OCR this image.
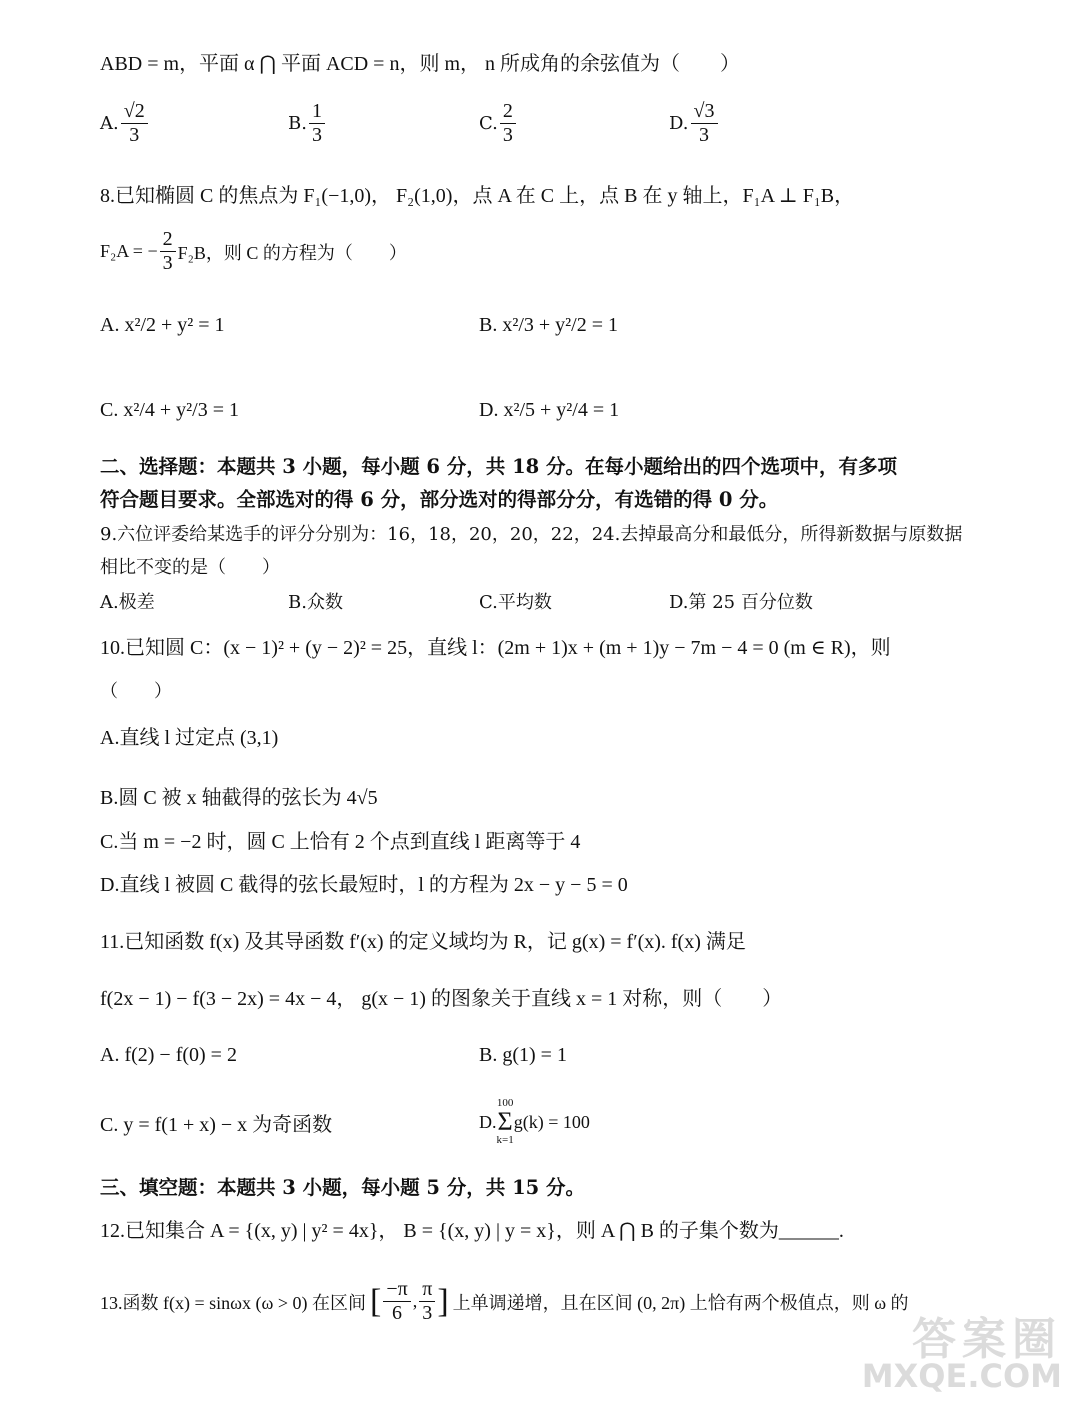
ABD = m，平面 α ⋂ 平面 ACD = n，则 m， n 所成角的余弦值为（　　）
A. $\frac{√2}{3}$	B. $\frac{1}{3}$	C. $\frac{2}{3}$	D. $\frac{√3}{3}$
8.已知椭圆 C 的焦点为 F₁(−1,0)， F₂(1,0)，点 A 在 C 上，点 B 在 y 轴上，F₁A ⊥ F₁B，
F₂A = − $\frac{2}{3} F_2B$，则 C 的方程为（　　）
A. x²/2 + y² = 1	B. x²/3 + y²/2 = 1
C. x²/4 + y²/3 = 1	D. x²/5 + y²/4 = 1
二、选择题：本题共 3 小题，每小题 6 分，共 18 分。在每小题给出的四个选项中，有多项
符合题目要求。全部选对的得 6 分，部分选对的得部分分，有选错的得 0 分。
9.六位评委给某选手的评分分别为：16，18，20，20，22，24.去掉最高分和最低分，所得新数据与原数据
相比不变的是（　　）
A.极差	B.众数	C.平均数	D.第 25 百分位数
10.已知圆 C：(x − 1)² + (y − 2)² = 25，直线 l：(2m + 1)x + (m + 1)y − 7m − 4 = 0 (m ∈ R)，则
（　　）
A.直线 l 过定点 (3,1)
B.圆 C 被 x 轴截得的弦长为 4√5
C.当 m = −2 时，圆 C 上恰有 2 个点到直线 l 距离等于 4
D.直线 l 被圆 C 截得的弦长最短时，l 的方程为 2x − y − 5 = 0
11.已知函数 f(x) 及其导函数 f′(x) 的定义域均为 R，记 g(x) = f′(x). f(x) 满足
f(2x − 1) − f(3 − 2x) = 4x − 4， g(x − 1) 的图象关于直线 x = 1 对称，则（　　）
A. f(2) − f(0) = 2	B. g(1) = 1
C. y = f(1 + x) − x 为奇函数	D.
100
Σ
k=1
g(k) = 100
三、填空题：本题共 3 小题，每小题 5 分，共 15 分。
12.已知集合 A = {(x, y) | y² = 4x}， B = {(x, y) | y = x}，则 A ⋂ B 的子集个数为______.
13.函数 f(x) = sinωx (ω > 0) 在区间 [ $\frac{-\pi}{6}$ , $\frac{\pi}{3}$ ] 上单调递增，且在区间 (0, 2π) 上恰有两个极值点，则 ω 的
答案圈
MXQE.COM
